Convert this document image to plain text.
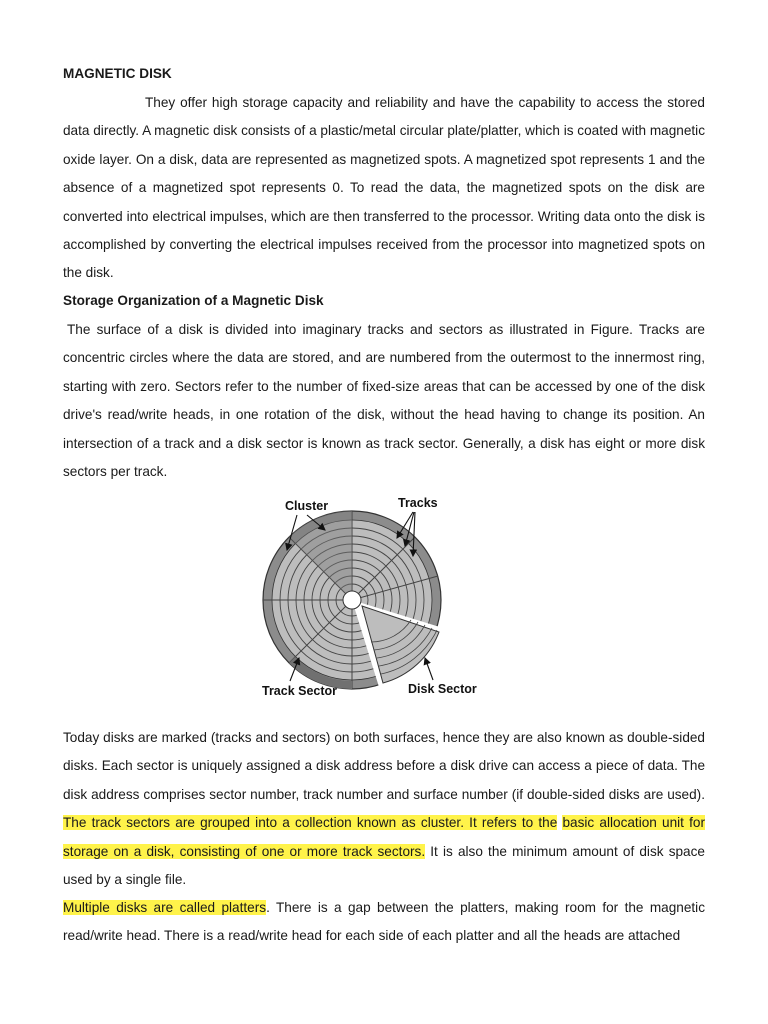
MAGNETIC DISK

They offer high storage capacity and reliability and have the capability to access the stored data directly. A magnetic disk consists of a plastic/metal circular plate/platter, which is coated with magnetic oxide layer. On a disk, data are represented as magnetized spots. A magnetized spot represents 1 and the absence of a magnetized spot represents 0. To read the data, the magnetized spots on the disk are converted into electrical impulses, which are then transferred to the processor. Writing data onto the disk is accomplished by converting the electrical impulses received from the processor into magnetized spots on the disk.

Storage Organization of a Magnetic Disk

The surface of a disk is divided into imaginary tracks and sectors as illustrated in Figure. Tracks are concentric circles where the data are stored, and are numbered from the outermost to the innermost ring, starting with zero. Sectors refer to the number of fixed-size areas that can be accessed by one of the disk drive's read/write heads, in one rotation of the disk, without the head having to change its position. An intersection of a track and a disk sector is known as track sector. Generally, a disk has eight or more disk sectors per track.

Cluster	Tracks
Track Sector	Disk Sector

Today disks are marked (tracks and sectors) on both surfaces, hence they are also known as double-sided disks. Each sector is uniquely assigned a disk address before a disk drive can access a piece of data. The disk address comprises sector number, track number and surface number (if double-sided disks are used). The track sectors are grouped into a collection known as cluster. It refers to the basic allocation unit for storage on a disk, consisting of one or more track sectors. It is also the minimum amount of disk space used by a single file.

Multiple disks are called platters. There is a gap between the platters, making room for the magnetic read/write head. There is a read/write head for each side of each platter and all the heads are attached
